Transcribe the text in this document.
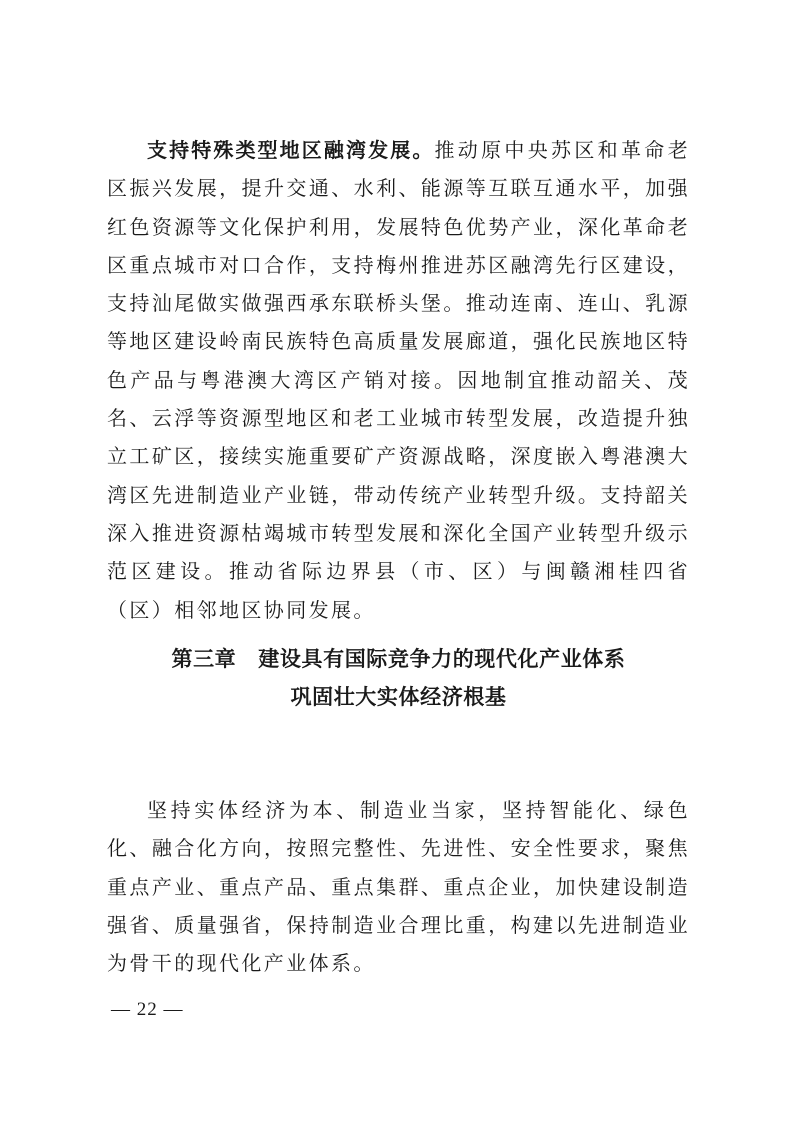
支持特殊类型地区融湾发展。推动原中央苏区和革命老区振兴发展，提升交通、水利、能源等互联互通水平，加强红色资源等文化保护利用，发展特色优势产业，深化革命老区重点城市对口合作，支持梅州推进苏区融湾先行区建设，支持汕尾做实做强西承东联桥头堡。推动连南、连山、乳源等地区建设岭南民族特色高质量发展廊道，强化民族地区特色产品与粤港澳大湾区产销对接。因地制宜推动韶关、茂名、云浮等资源型地区和老工业城市转型发展，改造提升独立工矿区，接续实施重要矿产资源战略，深度嵌入粤港澳大湾区先进制造业产业链，带动传统产业转型升级。支持韶关深入推进资源枯竭城市转型发展和深化全国产业转型升级示范区建设。推动省际边界县（市、区）与闽赣湘桂四省（区）相邻地区协同发展。

第三章 建设具有国际竞争力的现代化产业体系
巩固壮大实体经济根基

坚持实体经济为本、制造业当家，坚持智能化、绿色化、融合化方向，按照完整性、先进性、安全性要求，聚焦重点产业、重点产品、重点集群、重点企业，加快建设制造强省、质量强省，保持制造业合理比重，构建以先进制造业为骨干的现代化产业体系。

— 22 —
